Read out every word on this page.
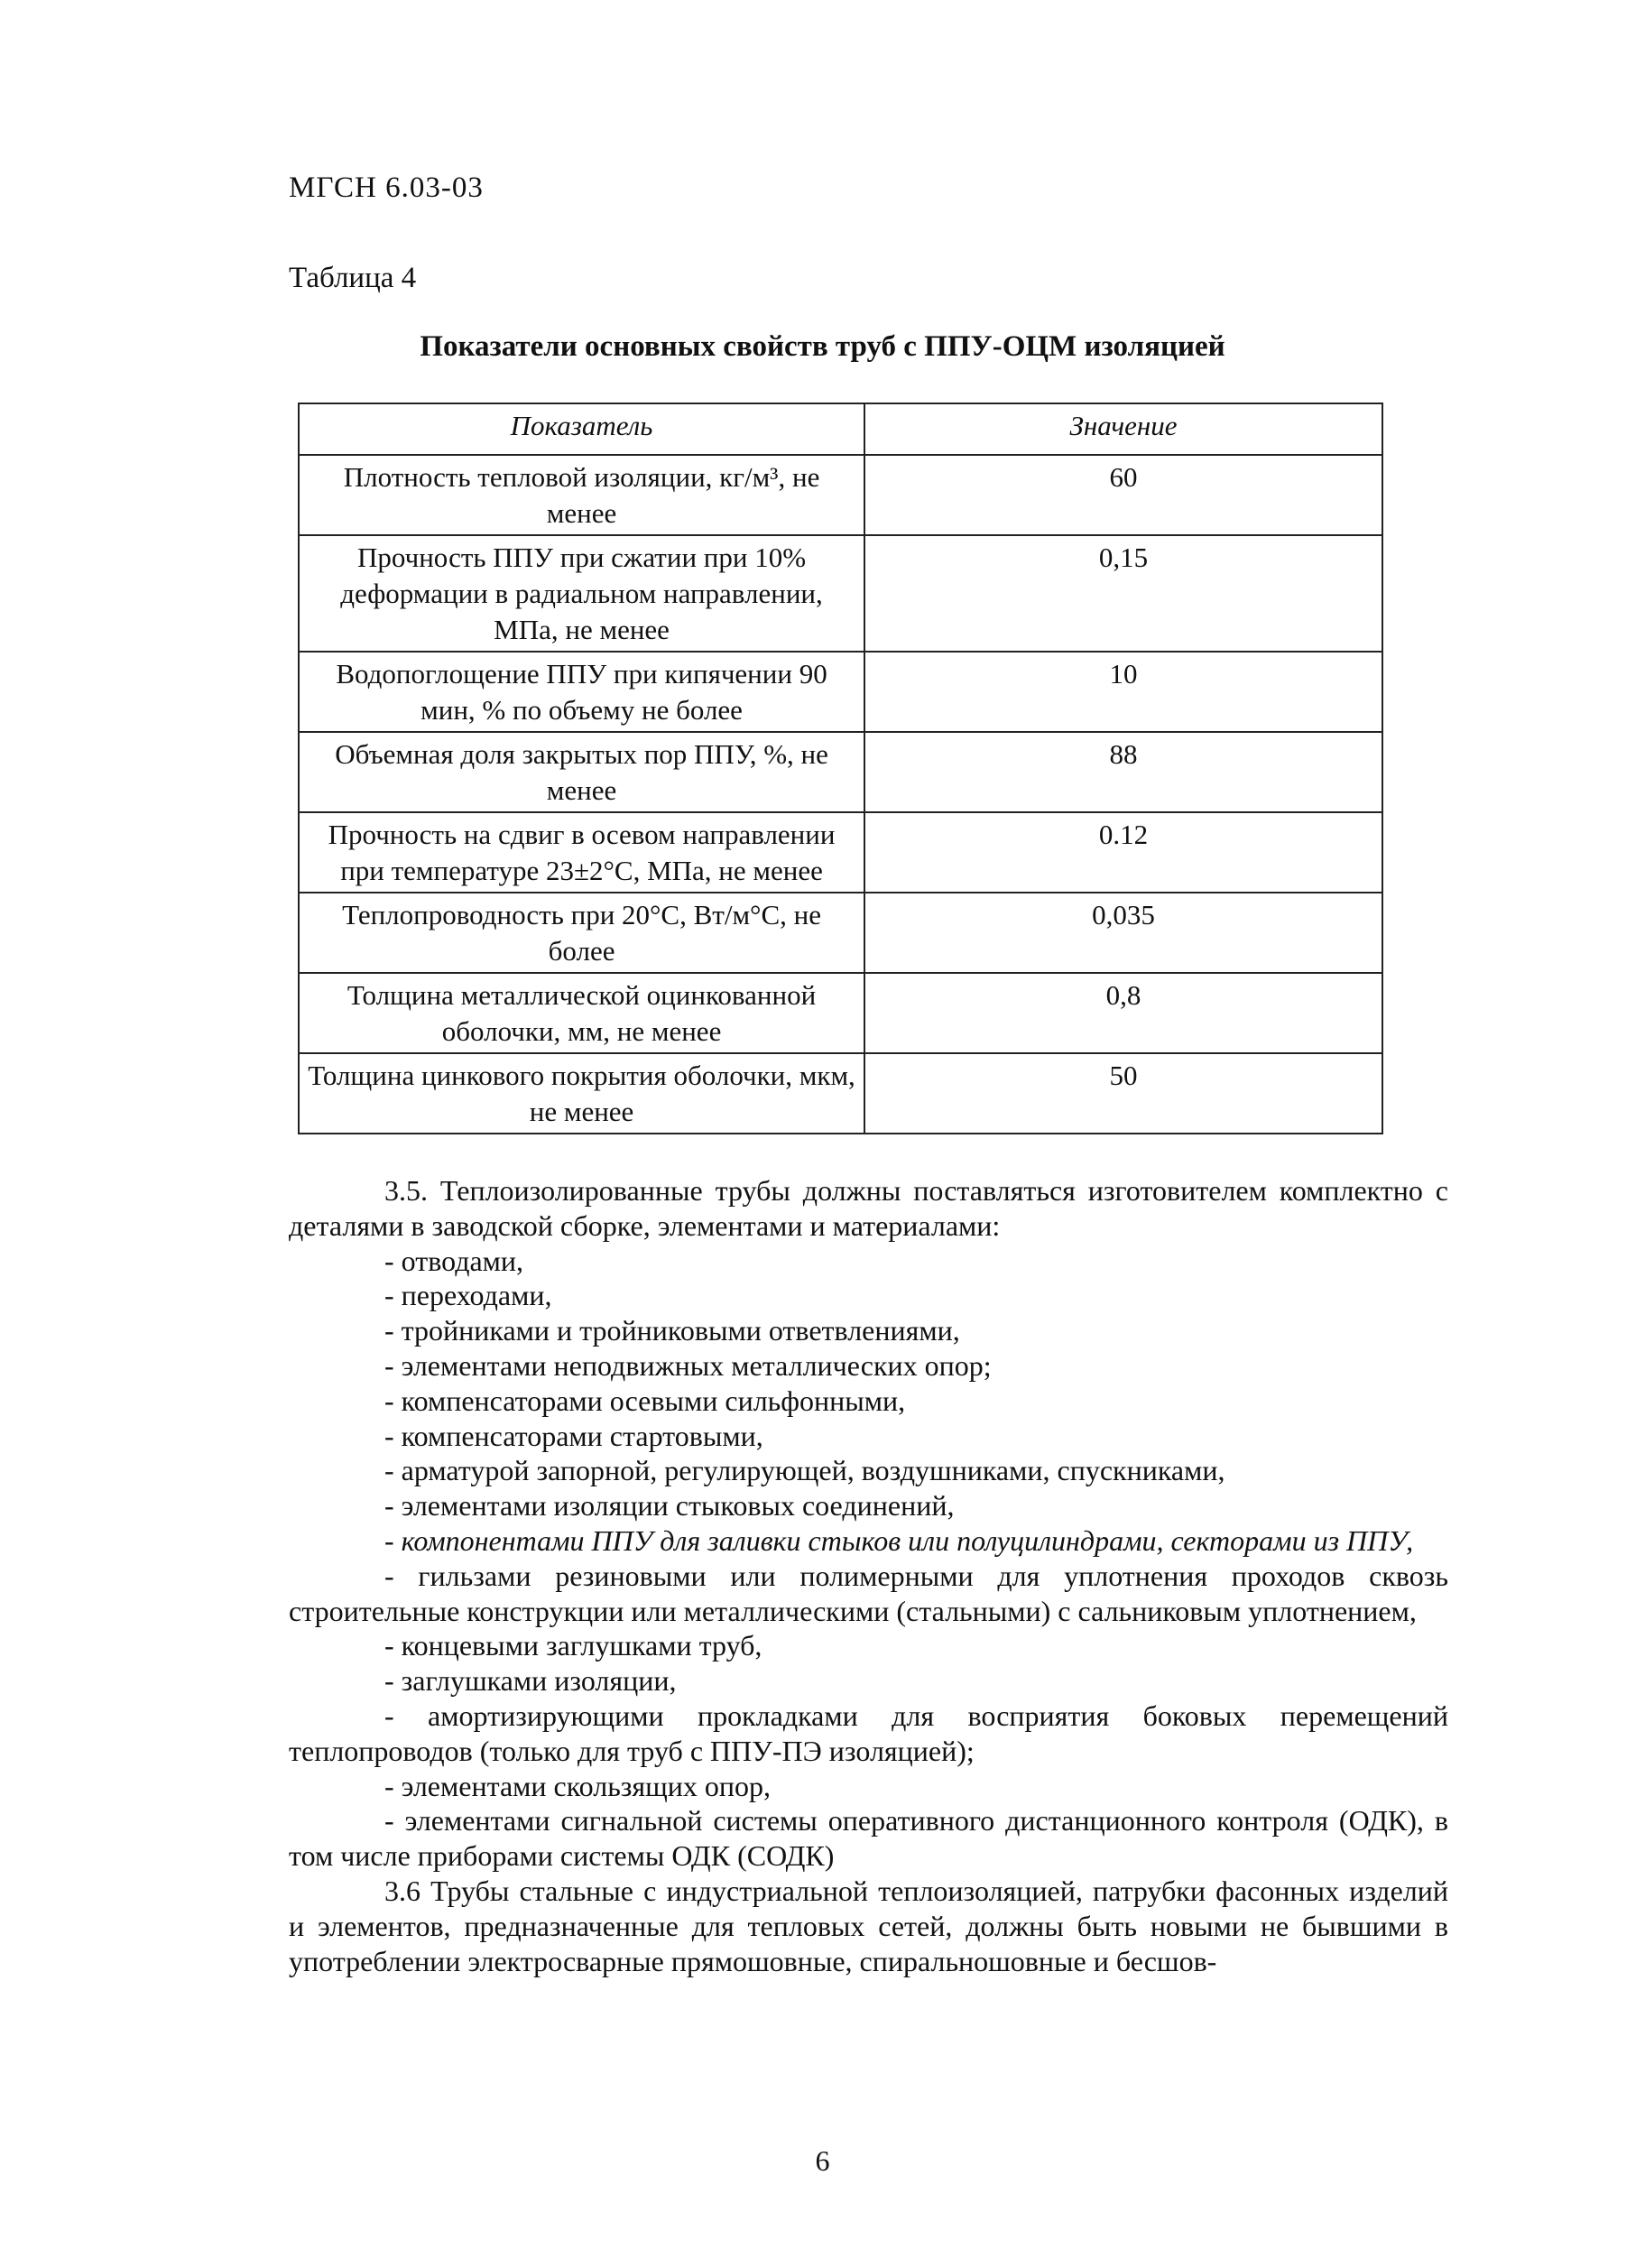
МГСН 6.03-03
Таблица 4
Показатели основных свойств труб с ППУ-ОЦМ изоляцией
Показатель	Значение
Плотность тепловой изоляции, кг/м³, не менее	60
Прочность ППУ при сжатии при 10% деформации в радиальном направлении, МПа, не менее	0,15
Водопоглощение ППУ при кипячении 90 мин, % по объему не более	10
Объемная доля закрытых пор ППУ, %, не менее	88
Прочность на сдвиг в осевом направлении при температуре 23±2°С, МПа, не менее	0.12
Теплопроводность при 20°С, Вт/м°С, не более	0,035
Толщина металлической оцинкованной оболочки, мм, не менее	0,8
Толщина цинкового покрытия оболочки, мкм, не менее	50

3.5. Теплоизолированные трубы должны поставляться изготовителем комплектно с деталями в заводской сборке, элементами и материалами:

- отводами,

- переходами,

- тройниками и тройниковыми ответвлениями,

- элементами неподвижных металлических опор;

- компенсаторами осевыми сильфонными,

- компенсаторами стартовыми,

- арматурой запорной, регулирующей, воздушниками, спускниками,

- элементами изоляции стыковых соединений,

- компонентами ППУ для заливки стыков или полуцилиндрами, секторами из ППУ,

- гильзами резиновыми или полимерными для уплотнения проходов сквозь строительные конструкции или металлическими (стальными) с сальниковым уплотнением,

- концевыми заглушками труб,

- заглушками изоляции,

- амортизирующими прокладками для восприятия боковых перемещений теплопроводов (только для труб с ППУ-ПЭ изоляцией);

- элементами скользящих опор,

- элементами сигнальной системы оперативного дистанционного контроля (ОДК), в том числе приборами системы ОДК (СОДК)

3.6 Трубы стальные с индустриальной теплоизоляцией, патрубки фасонных изделий и элементов, предназначенные для тепловых сетей, должны быть новыми не бывшими в употреблении электросварные прямошовные, спиральношовные и бесшов-

6
